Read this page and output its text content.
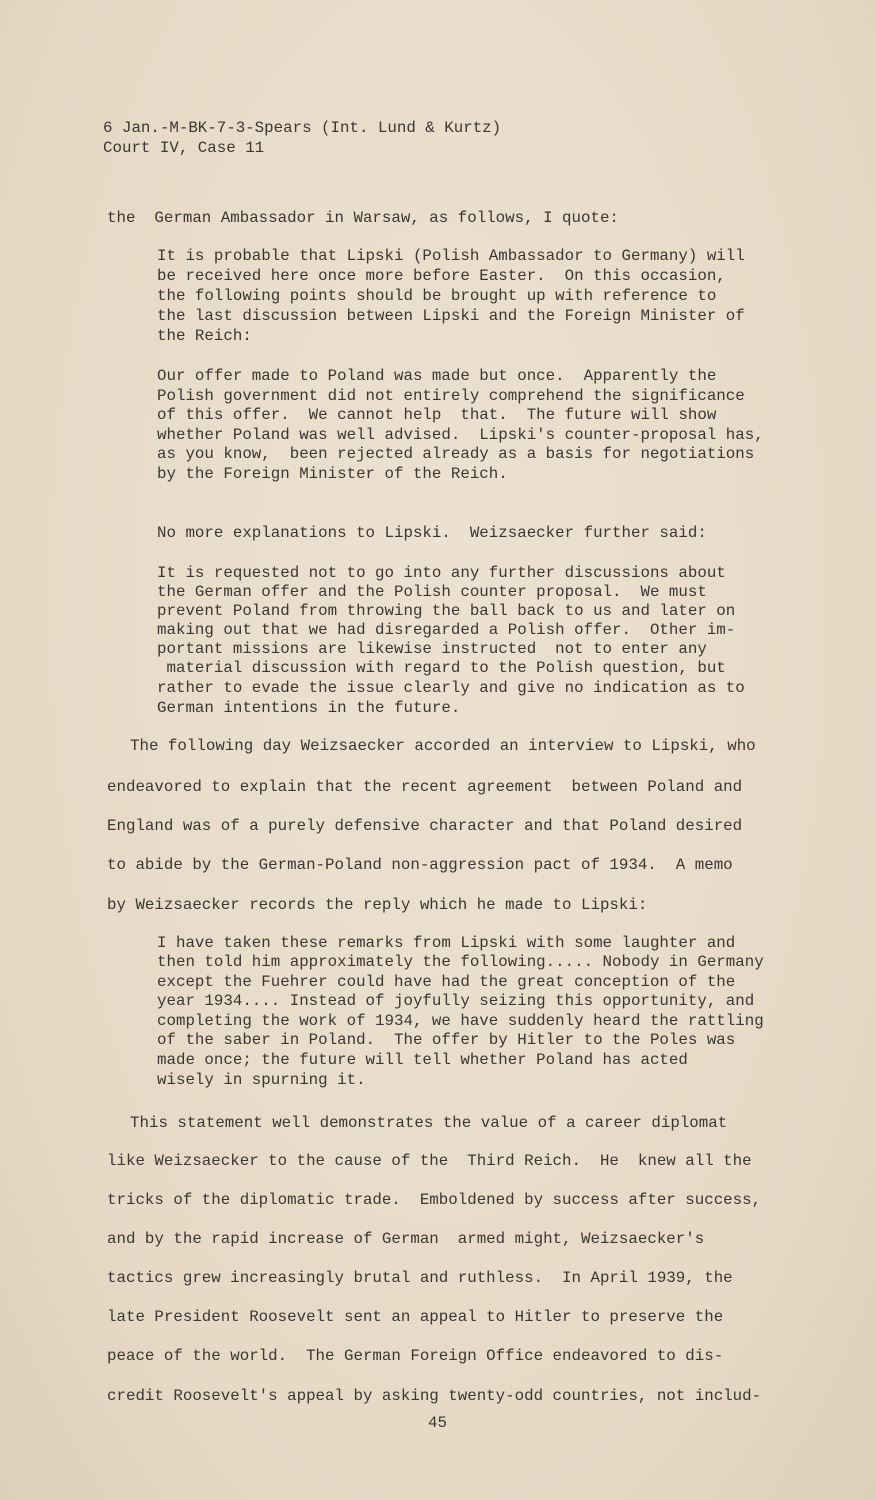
6 Jan.-M-BK-7-3-Spears (Int. Lund & Kurtz)
Court IV, Case 11
the  German Ambassador in Warsaw, as follows, I quote:
It is probable that Lipski (Polish Ambassador to Germany) will
be received here once more before Easter.  On this occasion,
the following points should be brought up with reference to
the last discussion between Lipski and the Foreign Minister of
the Reich:
Our offer made to Poland was made but once.  Apparently the
Polish government did not entirely comprehend the significance
of this offer.  We cannot help  that.  The future will show
whether Poland was well advised.  Lipski's counter-proposal has,
as you know,  been rejected already as a basis for negotiations
by the Foreign Minister of the Reich.
No more explanations to Lipski.  Weizsaecker further said:
It is requested not to go into any further discussions about
the German offer and the Polish counter proposal.  We must
prevent Poland from throwing the ball back to us and later on
making out that we had disregarded a Polish offer.  Other im-
portant missions are likewise instructed  not to enter any
material discussion with regard to the Polish question, but
rather to evade the issue clearly and give no indication as to
German intentions in the future.
The following day Weizsaecker accorded an interview to Lipski, who
endeavored to explain that the recent agreement  between Poland and
England was of a purely defensive character and that Poland desired
to abide by the German-Poland non-aggression pact of 1934.  A memo
by Weizsaecker records the reply which he made to Lipski:
I have taken these remarks from Lipski with some laughter and
then told him approximately the following..... Nobody in Germany
except the Fuehrer could have had the great conception of the
year 1934.... Instead of joyfully seizing this opportunity, and
completing the work of 1934, we have suddenly heard the rattling
of the saber in Poland.  The offer by Hitler to the Poles was
made once; the future will tell whether Poland has acted
wisely in spurning it.
This statement well demonstrates the value of a career diplomat
like Weizsaecker to the cause of the  Third Reich.  He  knew all the
tricks of the diplomatic trade.  Emboldened by success after success,
and by the rapid increase of German  armed might, Weizsaecker's
tactics grew increasingly brutal and ruthless.  In April 1939, the
late President Roosevelt sent an appeal to Hitler to preserve the
peace of the world.  The German Foreign Office endeavored to dis-
credit Roosevelt's appeal by asking twenty-odd countries, not includ-
45
